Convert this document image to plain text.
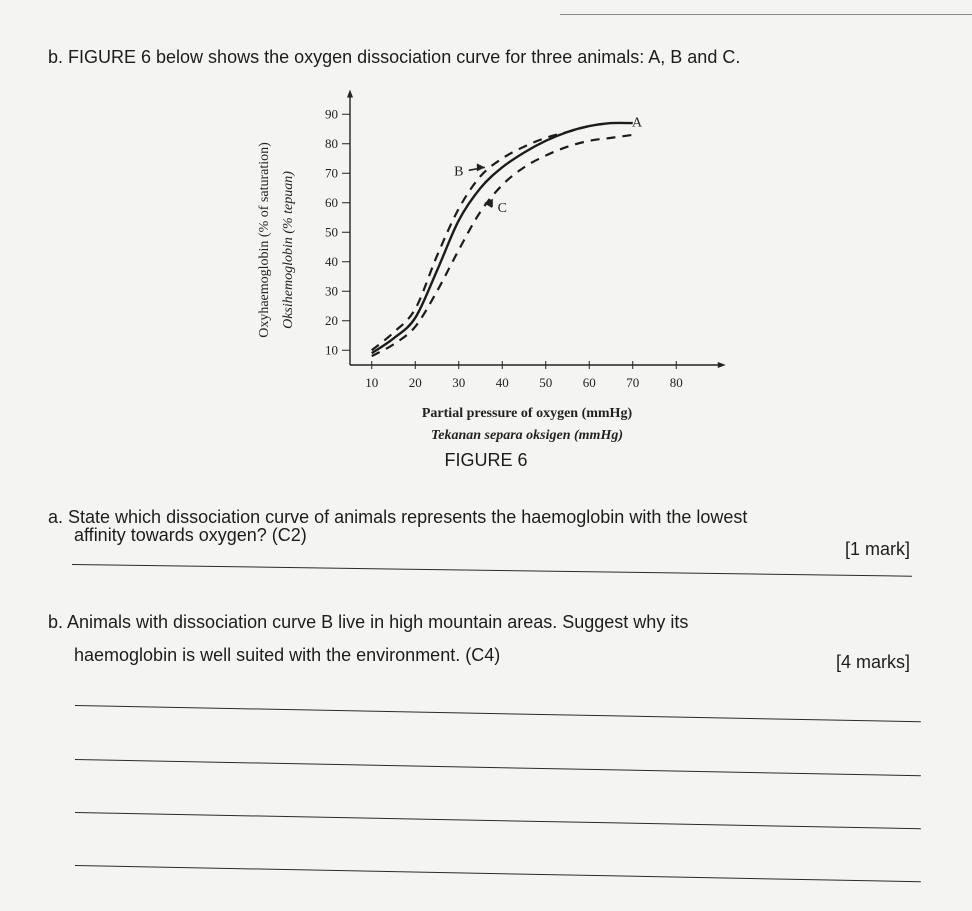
b. FIGURE 6 below shows the oxygen dissociation curve for three animals: A, B and C.
10 20 30 40 50 60 70 80
10
20
30
40
50
60
70
80
90
Partial pressure of oxygen (mmHg)
Tekanan separa oksigen (mmHg)
Oxyhaemoglobin (% of saturation) Oksihemoglobin (% tepuan)
A
B
C
FIGURE 6
a. State which dissociation curve of animals represents the haemoglobin with the lowest
affinity towards oxygen? (C2)
[1 mark]
b. Animals with dissociation curve B live in high mountain areas. Suggest why its
haemoglobin is well suited with the environment. (C4)	[4 marks]
